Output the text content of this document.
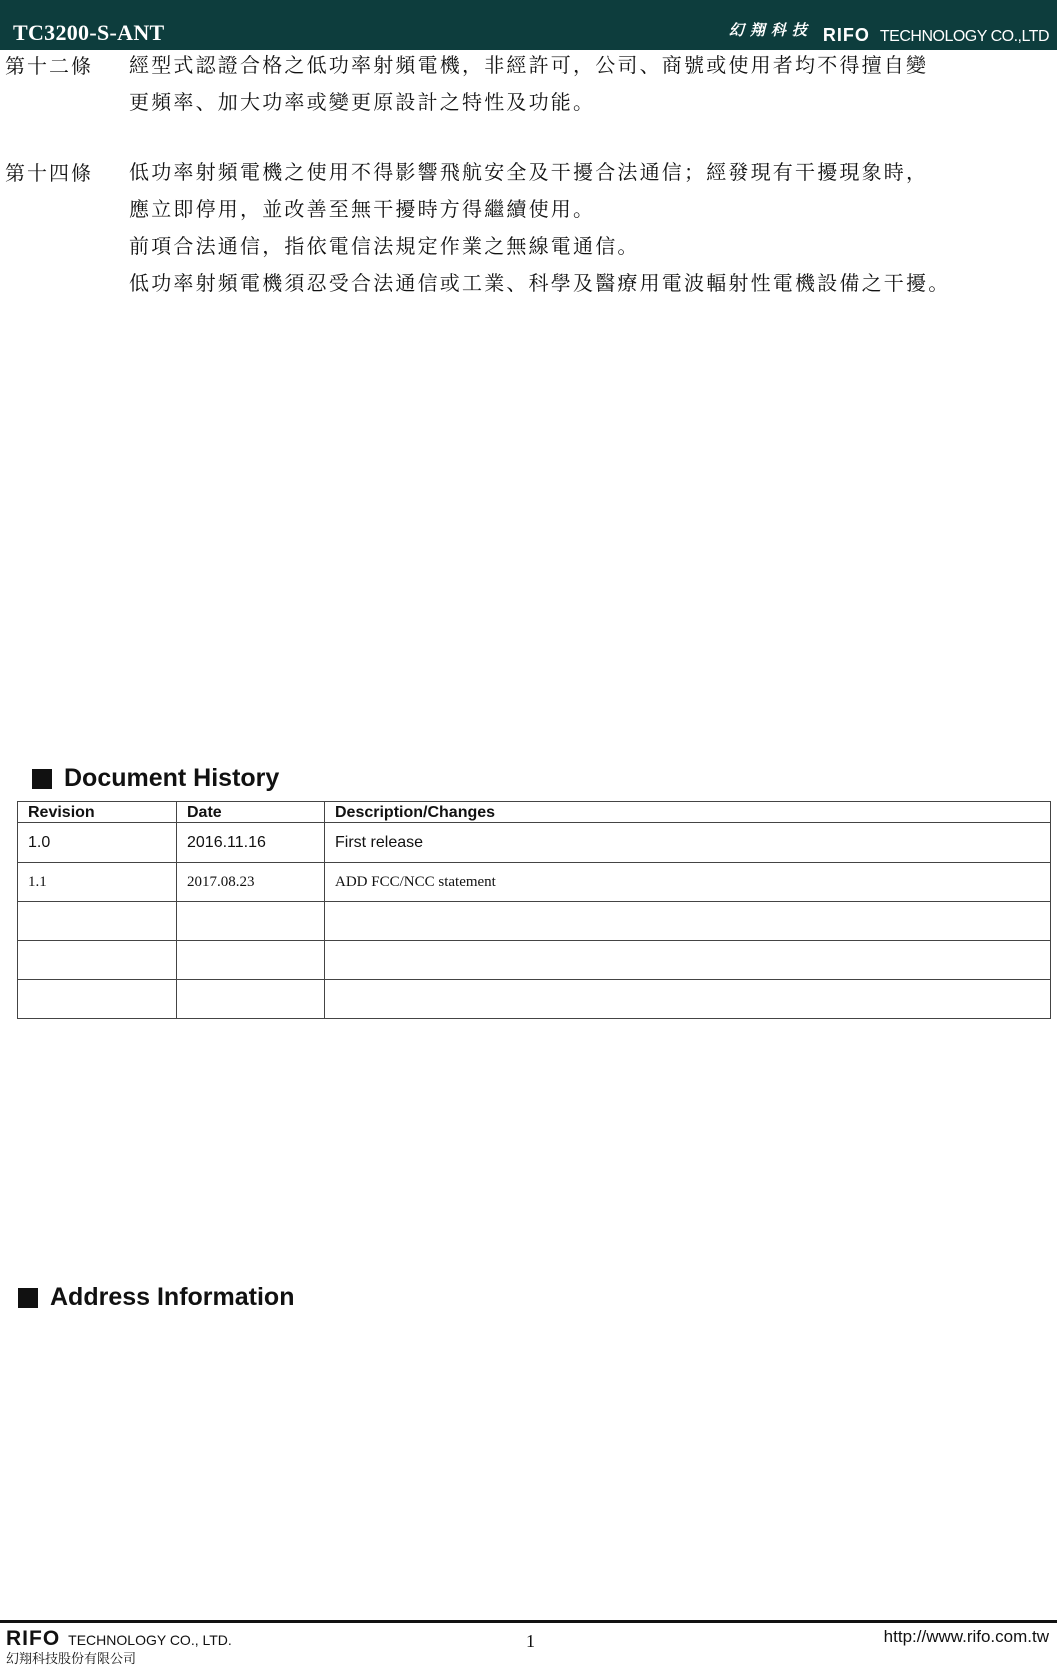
TC3200-S-ANT	幻翔科技 RIFO TECHNOLOGY CO.,LTD
第十二條 經型式認證合格之低功率射頻電機，非經許可，公司、商號或使用者均不得擅自變
更頻率、加大功率或變更原設計之特性及功能。
第十四條 低功率射頻電機之使用不得影響飛航安全及干擾合法通信；經發現有干擾現象時，
應立即停用，並改善至無干擾時方得繼續使用。
前項合法通信，指依電信法規定作業之無線電通信。
低功率射頻電機須忍受合法通信或工業、科學及醫療用電波輻射性電機設備之干擾。
Document History
Revision	Date	Description/Changes
1.0	2016.11.16	First release
1.1	2017.08.23	ADD FCC/NCC statement

Address Information
RIFO TECHNOLOGY CO., LTD.
幻翔科技股份有限公司
1	http://www.rifo.com.tw
